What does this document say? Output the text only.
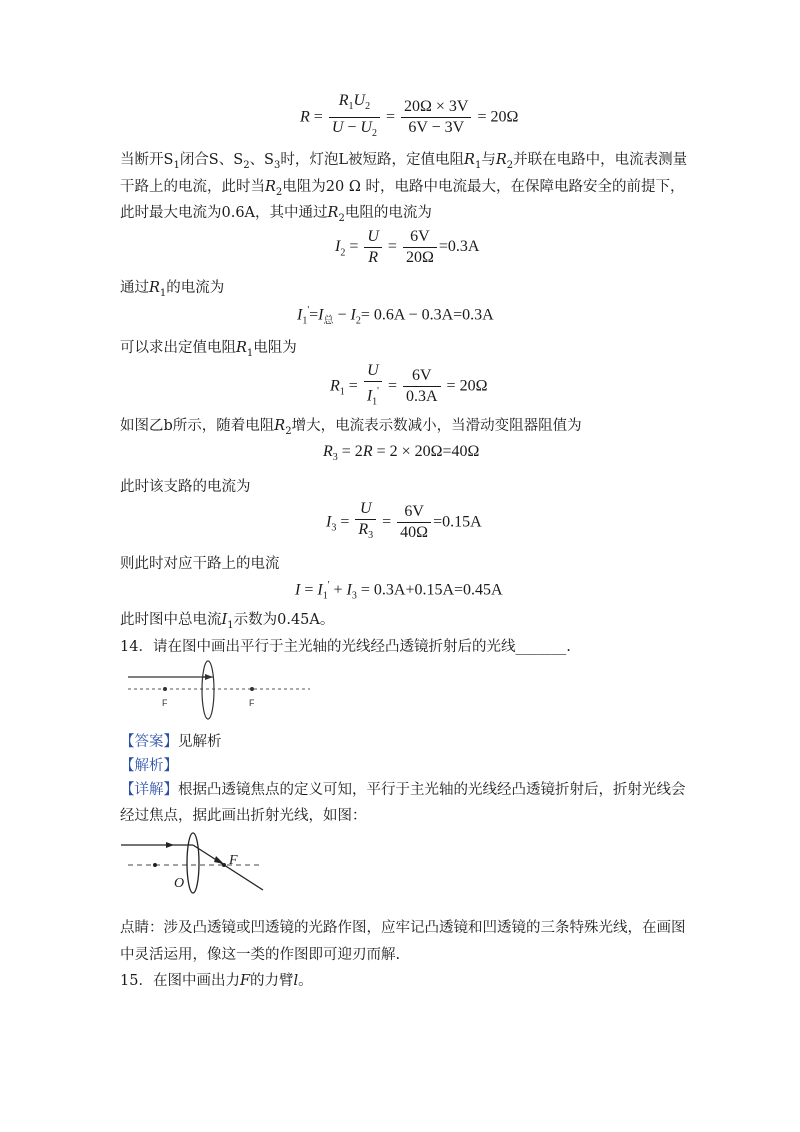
$R = \frac{R_1U_2}{U - U_2} = \frac{20\Omega \times 3V}{6V - 3V} = 20\Omega$
当断开$S_1$闭合S、$S_2$、$S_3$时，灯泡L被短路，定值电阻$R_1$与$R_2$并联在电路中，电流表测量
干路上的电流，此时当$R_2$电阻为20 Ω 时，电路中电流最大，在保障电路安全的前提下，
此时最大电流为0.6A，其中通过$R_2$电阻的电流为
$I_2 = \frac{U}{R} = \frac{6V}{20\Omega} =0.3A$
通过$R_1$的电流为
$I_1'=I_总 - I_2= 0.6A - 0.3A=0.3A$
可以求出定值电阻$R_1$电阻为
$R_1 = \frac{U}{I_1'} = \frac{6V}{0.3A} = 20\Omega$
如图乙b所示，随着电阻$R_2$增大，电流表示数减小，当滑动变阻器阻值为
$R_3 = 2R = 2 \times 20\Omega=40\Omega$
此时该支路的电流为
$I_3 = \frac{U}{R_3} = \frac{6V}{40\Omega} =0.15A$
则此时对应干路上的电流
$I = I_1' + I_3 = 0.3A+0.15A=0.45A$
此时图中总电流$I_1$示数为0.45A。
14．请在图中画出平行于主光轴的光线经凸透镜折射后的光线_______.
F	F
【答案】见解析
【解析】
【详解】根据凸透镜焦点的定义可知，平行于主光轴的光线经凸透镜折射后，折射光线会
经过焦点，据此画出折射光线，如图：
O
F
点睛：涉及凸透镜或凹透镜的光路作图，应牢记凸透镜和凹透镜的三条特殊光线，在画图
中灵活运用，像这一类的作图即可迎刃而解.
15．在图中画出力F的力臂l。
